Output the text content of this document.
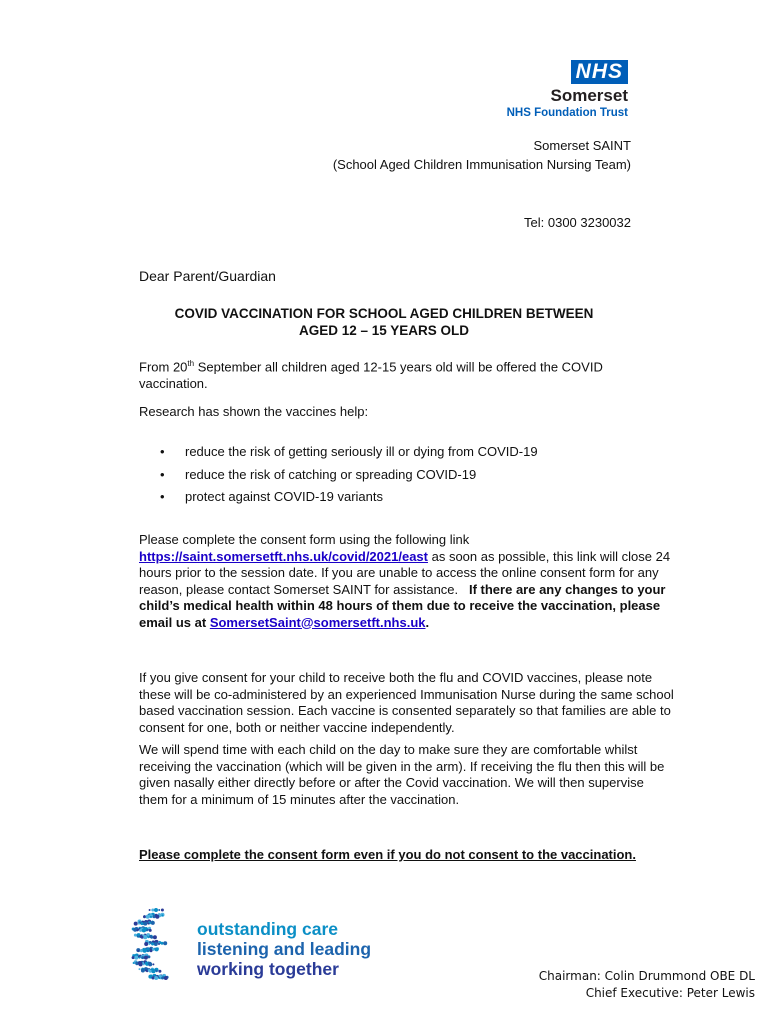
NHS
Somerset
NHS Foundation Trust
Somerset SAINT
(School Aged Children Immunisation Nursing Team)
Tel: 0300 3230032
Dear Parent/Guardian
COVID VACCINATION FOR SCHOOL AGED CHILDREN BETWEEN
AGED 12 – 15 YEARS OLD
From 20th September all children aged 12-15 years old will be offered the COVID vaccination.
Research has shown the vaccines help:
• reduce the risk of getting seriously ill or dying from COVID-19
• reduce the risk of catching or spreading COVID-19
• protect against COVID-19 variants
Please complete the consent form using the following link
https://saint.somersetft.nhs.uk/covid/2021/east as soon as possible, this link will close 24 hours prior to the session date. If you are unable to access the online consent form for any reason, please contact Somerset SAINT for assistance. If there are any changes to your child’s medical health within 48 hours of them due to receive the vaccination, please email us at SomersetSaint@somersetft.nhs.uk.
If you give consent for your child to receive both the flu and COVID vaccines, please note these will be co-administered by an experienced Immunisation Nurse during the same school based vaccination session. Each vaccine is consented separately so that families are able to consent for one, both or neither vaccine independently.
We will spend time with each child on the day to make sure they are comfortable whilst receiving the vaccination (which will be given in the arm). If receiving the flu then this will be given nasally either directly before or after the Covid vaccination. We will then supervise them for a minimum of 15 minutes after the vaccination.
Please complete the consent form even if you do not consent to the vaccination.
outstanding care
listening and leading
working together	Chairman: Colin Drummond OBE DL
Chief Executive: Peter Lewis
